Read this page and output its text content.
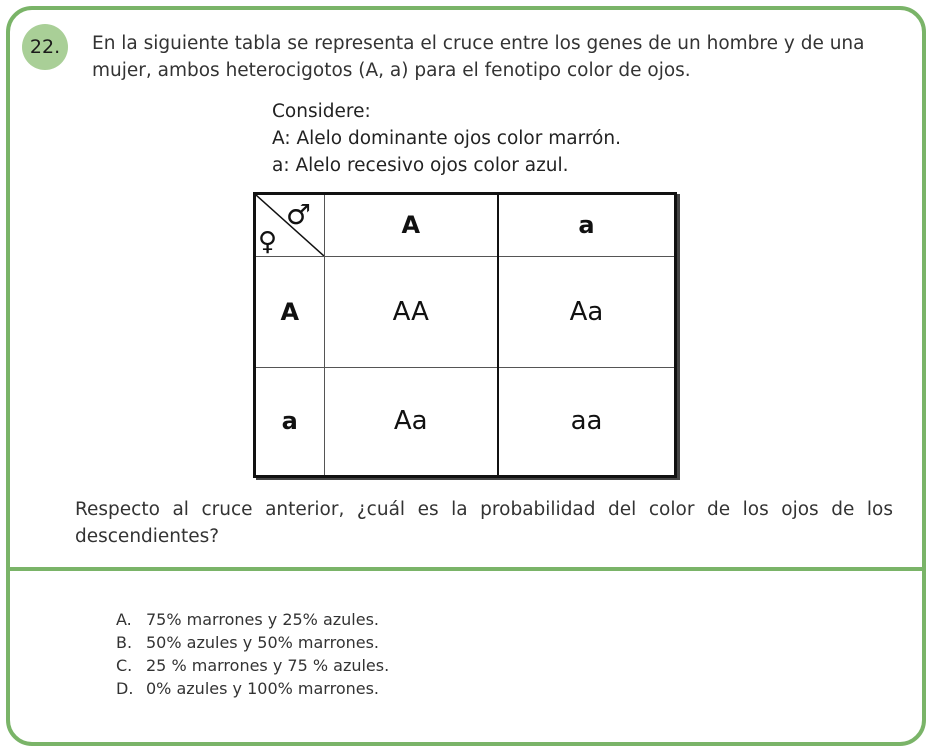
22.	En la siguiente tabla se representa el cruce entre los genes de un hombre y de una mujer, ambos heterocigotos (A, a) para el fenotipo color de ojos.

Considere:
A: Alelo dominante ojos color marrón.
a: Alelo recesivo ojos color azul.
♂
♀	A	a
A	AA	Aa
a	Aa	aa

Respecto al cruce anterior, ¿cuál es la probabilidad del color de los ojos de los descendientes?

A. 75% marrones y 25% azules.
B. 50% azules y 50% marrones.
C. 25 % marrones y 75 % azules.
D. 0% azules y 100% marrones.
